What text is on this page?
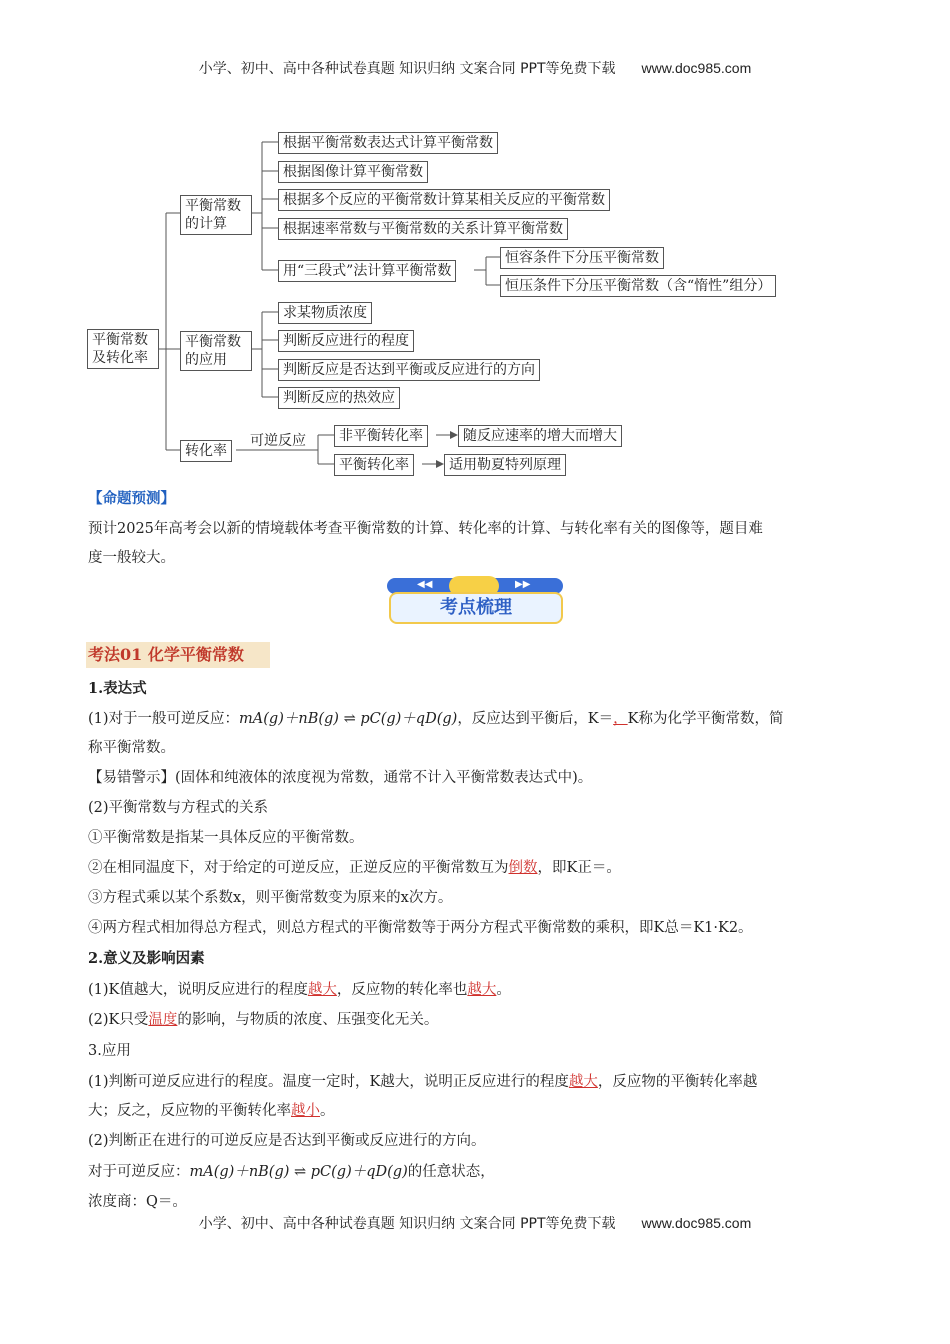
小学、初中、高中各种试卷真题 知识归纳 文案合同 PPT等免费下载 www.doc985.com
平衡常数及转化率
平衡常数的计算
根据平衡常数表达式计算平衡常数
根据图像计算平衡常数
根据多个反应的平衡常数计算某相关反应的平衡常数
根据速率常数与平衡常数的关系计算平衡常数
用“三段式”法计算平衡常数
恒容条件下分压平衡常数
恒压条件下分压平衡常数（含“惰性”组分）
平衡常数的应用
求某物质浓度
判断反应进行的程度
判断反应是否达到平衡或反应进行的方向
判断反应的热效应
转化率
可逆反应	非平衡转化率
平衡转化率
随反应速率的增大而增大
适用勒夏特列原理
【命题预测】
预计2025年高考会以新的情境载体考查平衡常数的计算、转化率的计算、与转化率有关的图像等，题目难
度一般较大。
◀◀	▶▶
考点梳理
考法01 化学平衡常数
1.表达式
(1)对于一般可逆反应：mA(g)＋nB(g) ⇌ pC(g)＋qD(g)，反应达到平衡后，K＝，K称为化学平衡常数，简
称平衡常数。
【易错警示】(固体和纯液体的浓度视为常数，通常不计入平衡常数表达式中)。
(2)平衡常数与方程式的关系
①平衡常数是指某一具体反应的平衡常数。
②在相同温度下，对于给定的可逆反应，正逆反应的平衡常数互为倒数，即K正＝。
③方程式乘以某个系数x，则平衡常数变为原来的x次方。
④两方程式相加得总方程式，则总方程式的平衡常数等于两分方程式平衡常数的乘积，即K总＝K1·K2。
2.意义及影响因素
(1)K值越大，说明反应进行的程度越大，反应物的转化率也越大。
(2)K只受温度的影响，与物质的浓度、压强变化无关。
3.应用
(1)判断可逆反应进行的程度。温度一定时，K越大，说明正反应进行的程度越大，反应物的平衡转化率越
大；反之，反应物的平衡转化率越小。
(2)判断正在进行的可逆反应是否达到平衡或反应进行的方向。
对于可逆反应：mA(g)＋nB(g) ⇌ pC(g)＋qD(g)的任意状态，
浓度商：Q＝。
小学、初中、高中各种试卷真题 知识归纳 文案合同 PPT等免费下载 www.doc985.com
